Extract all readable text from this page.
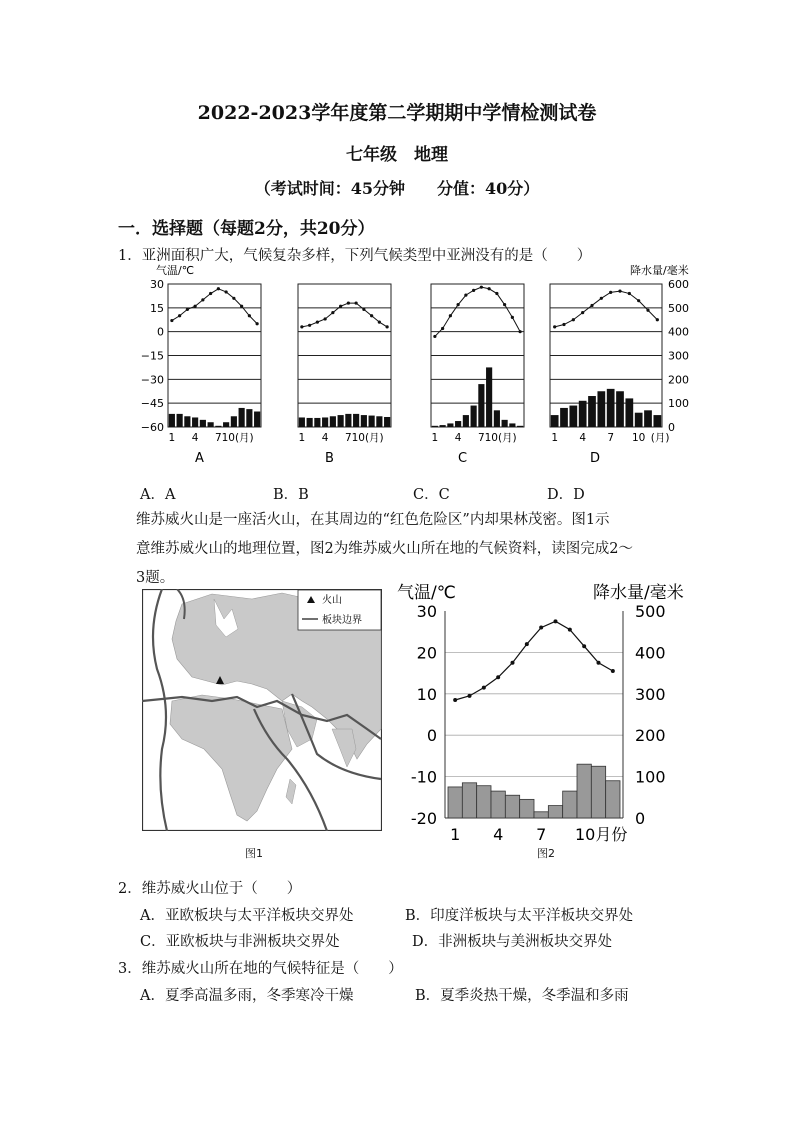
2022-2023学年度第二学期期中学情检测试卷
七年级　地理
（考试时间：45分钟　　分值：40分）
一．选择题（每题2分，共20分）
1．亚洲面积广大，气候复杂多样，下列气候类型中亚洲没有的是（　　）
气温/℃
30
15
0
−15
−30
−45
−60
降水量/毫米
600
500
400
300
200
100
0
1 4 7 10(月)
A
1 4 7 10(月)
B
1 4 7 10(月)
C
1 4 7 10 (月)
D
A．A	B．B	C．C	D．D
维苏威火山是一座活火山，在其周边的“红色危险区”内却果林茂密。图1示
意维苏威火山的地理位置，图2为维苏威火山所在地的气候资料，读图完成2～
3题。
火山
板块边界
图1
气温/℃	降水量/毫米
30
20
10
0
-10
-20
500
400
300
200
100
0
1 4 7 10月份
图2
2．维苏威火山位于（　　）
A．亚欧板块与太平洋板块交界处	B．印度洋板块与太平洋板块交界处
C．亚欧板块与非洲板块交界处	D．非洲板块与美洲板块交界处
3．维苏威火山所在地的气候特征是（　　）
A．夏季高温多雨，冬季寒冷干燥	B．夏季炎热干燥，冬季温和多雨
